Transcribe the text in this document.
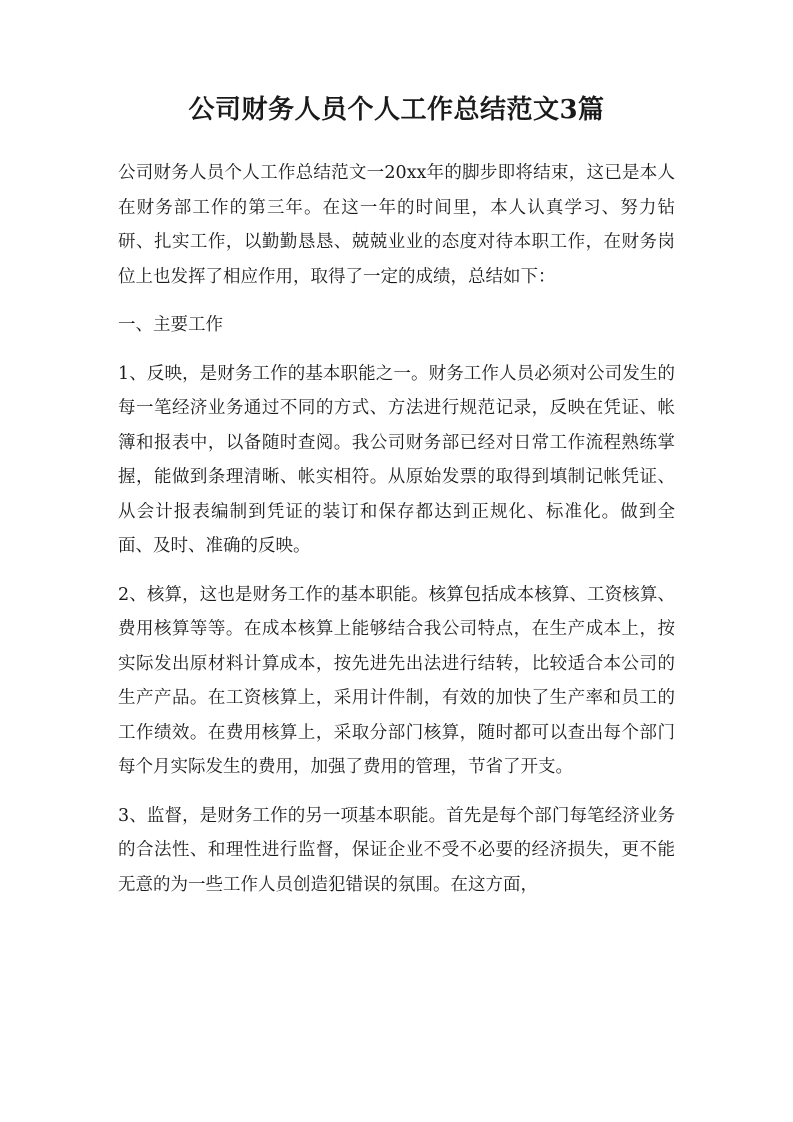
公司财务人员个人工作总结范文3篇

公司财务人员个人工作总结范文一20xx年的脚步即将结束，这已是本人在财务部工作的第三年。在这一年的时间里，本人认真学习、努力钻研、扎实工作，以勤勤恳恳、兢兢业业的态度对待本职工作，在财务岗位上也发挥了相应作用，取得了一定的成绩，总结如下：

一、主要工作

1、反映，是财务工作的基本职能之一。财务工作人员必须对公司发生的每一笔经济业务通过不同的方式、方法进行规范记录，反映在凭证、帐簿和报表中，以备随时查阅。我公司财务部已经对日常工作流程熟练掌握，能做到条理清晰、帐实相符。从原始发票的取得到填制记帐凭证、从会计报表编制到凭证的装订和保存都达到正规化、标准化。做到全面、及时、准确的反映。

2、核算，这也是财务工作的基本职能。核算包括成本核算、工资核算、费用核算等等。在成本核算上能够结合我公司特点，在生产成本上，按实际发出原材料计算成本，按先进先出法进行结转，比较适合本公司的生产产品。在工资核算上，采用计件制，有效的加快了生产率和员工的工作绩效。在费用核算上，采取分部门核算，随时都可以查出每个部门每个月实际发生的费用，加强了费用的管理，节省了开支。

3、监督，是财务工作的另一项基本职能。首先是每个部门每笔经济业务的合法性、和理性进行监督，保证企业不受不必要的经济损失，更不能无意的为一些工作人员创造犯错误的氛围。在这方面，
